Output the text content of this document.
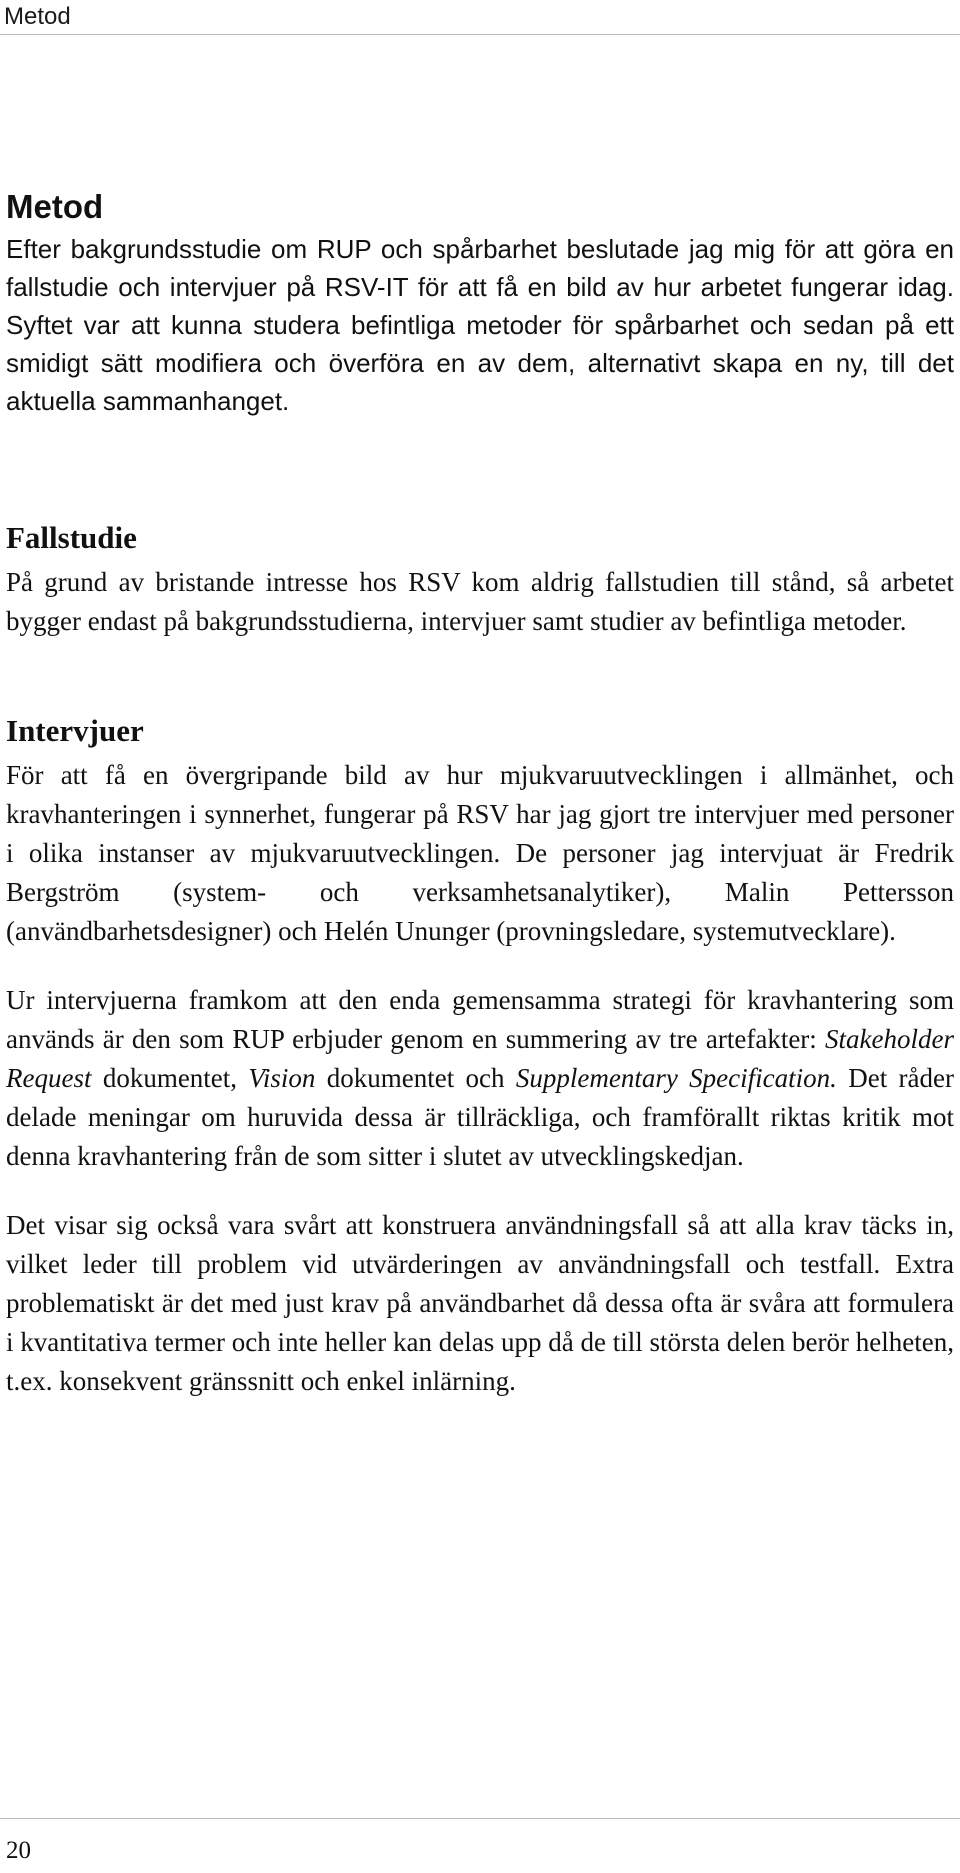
Metod
Metod

Efter bakgrundsstudie om RUP och spårbarhet beslutade jag mig för att göra en fallstudie och intervjuer på RSV-IT för att få en bild av hur arbetet fungerar idag. Syftet var att kunna studera befintliga metoder för spårbarhet och sedan på ett smidigt sätt modifiera och överföra en av dem, alternativt skapa en ny, till det aktuella sammanhanget.

Fallstudie

På grund av bristande intresse hos RSV kom aldrig fallstudien till stånd, så arbetet bygger endast på bakgrundsstudierna, intervjuer samt studier av befintliga metoder.

Intervjuer

För att få en övergripande bild av hur mjukvaruutvecklingen i allmänhet, och kravhanteringen i synnerhet, fungerar på RSV har jag gjort tre intervjuer med personer i olika instanser av mjukvaruutvecklingen. De personer jag intervjuat är Fredrik Bergström (system- och verksamhetsanalytiker), Malin Pettersson (användbarhetsdesigner) och Helén Ununger (provningsledare, systemutvecklare).

Ur intervjuerna framkom att den enda gemensamma strategi för kravhantering som används är den som RUP erbjuder genom en summering av tre artefakter: Stakeholder Request dokumentet, Vision dokumentet och Supplementary Specification. Det råder delade meningar om huruvida dessa är tillräckliga, och framförallt riktas kritik mot denna kravhantering från de som sitter i slutet av utvecklingskedjan.

Det visar sig också vara svårt att konstruera användningsfall så att alla krav täcks in, vilket leder till problem vid utvärderingen av användningsfall och testfall. Extra problematiskt är det med just krav på användbarhet då dessa ofta är svåra att formulera i kvantitativa termer och inte heller kan delas upp då de till största delen berör helheten, t.ex. konsekvent gränssnitt och enkel inlärning.

20
